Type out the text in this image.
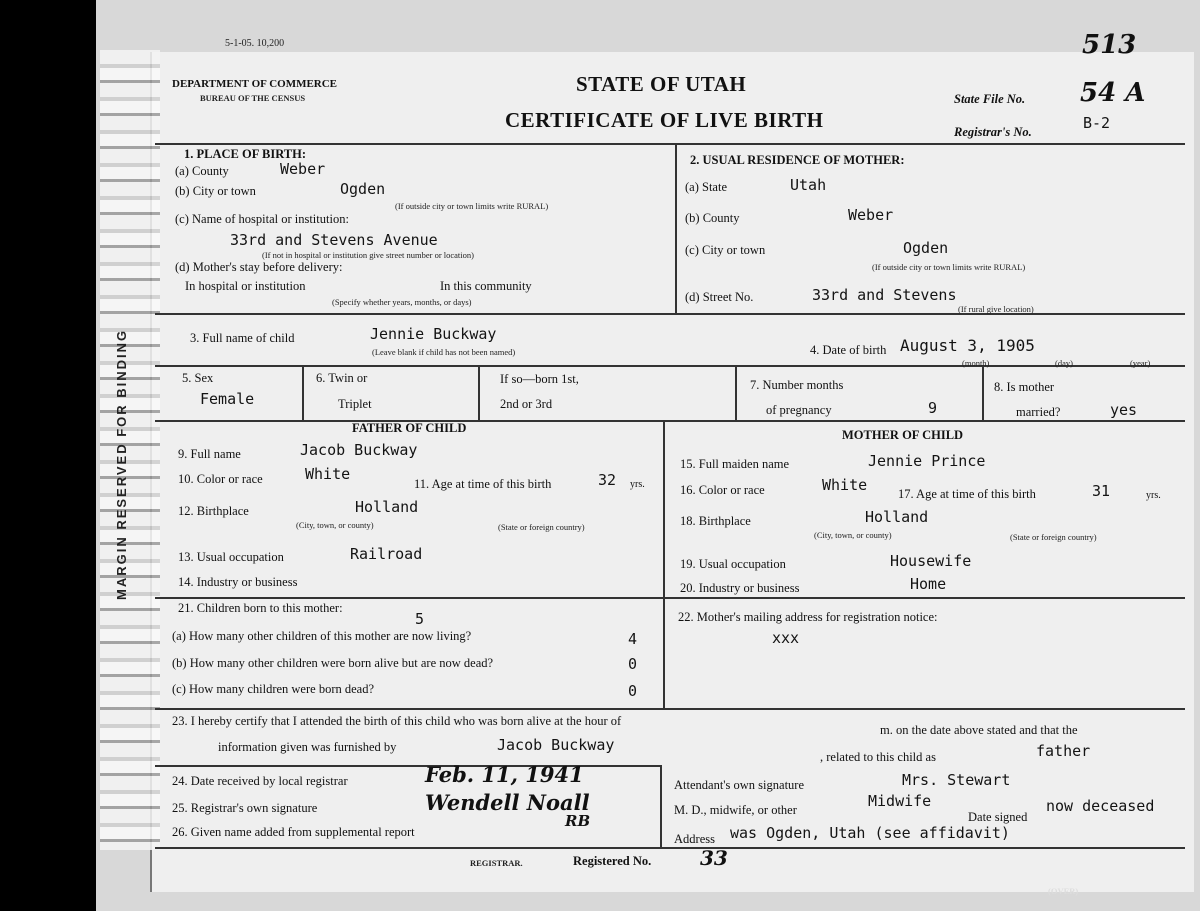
MARGIN RESERVED FOR BINDING
5-1-05. 10,200	513
DEPARTMENT OF COMMERCE
BUREAU OF THE CENSUS
STATE OF UTAH
CERTIFICATE OF LIVE BIRTH
State File No. 54 A
Registrar's No.	B-2
1. PLACE OF BIRTH:
(a) County	Weber
(b) City or town	Ogden
(If outside city or town limits write RURAL)
(c) Name of hospital or institution:
33rd and Stevens Avenue
(If not in hospital or institution give street number or location)
(d) Mother's stay before delivery:
In hospital or institution	In this community
(Specify whether years, months, or days)
2. USUAL RESIDENCE OF MOTHER:
(a) State	Utah
(b) County	Weber
(c) City or town	Ogden
(If outside city or town limits write RURAL)
(d) Street No.	33rd and Stevens
(If rural give location)
3. Full name of child	Jennie Buckway
(Leave blank if child has not been named)	4. Date of birth August 3, 1905
(month)	(day)	(year)
5. Sex
Female
6. Twin or
Triplet
If so—born 1st,
2nd or 3rd
7. Number months
of pregnancy	9
8. Is mother
married?	yes
FATHER OF CHILD
9. Full name	Jacob Buckway
10. Color or race	White
11. Age at time of this birth	32 yrs.
12. Birthplace	Holland
(City, town, or county)	(State or foreign country)
13. Usual occupation	Railroad
14. Industry or business
MOTHER OF CHILD
15. Full maiden name	Jennie Prince
16. Color or race	White 17. Age at time of this birth	31	yrs.
18. Birthplace	Holland
(City, town, or county)	(State or foreign country)
19. Usual occupation	Housewife
20. Industry or business	Home
21. Children born to this mother:
5
(a) How many other children of this mother are now living?	4
(b) How many other children were born alive but are now dead?	0
(c) How many children were born dead?	0
22. Mother's mailing address for registration notice:
xxx
23. I hereby certify that I attended the birth of this child who was born alive at the hour of
m. on the date above stated and that the
information given was furnished by	Jacob Buckway
, related to this child as	father
24. Date received by local registrar	Feb. 11, 1941
25. Registrar's own signature	Wendell Noall
RB
26. Given name added from supplemental report
Attendant's own signature	Mrs. Stewart
M. D., midwife, or other	Midwife
Date signed
now deceased
Address was Ogden, Utah (see affidavit)
REGISTRAR.	Registered No. 33
(OVER)
